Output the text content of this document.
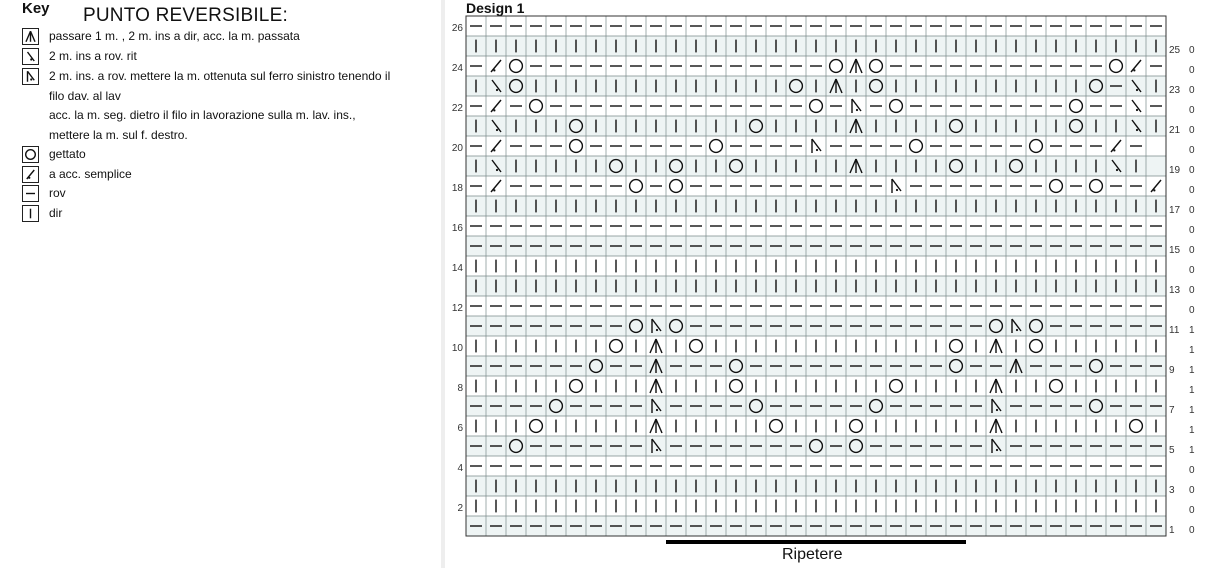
Key PUNTO REVERSIBILE:
passare 1 m. , 2 m. ins a dir, acc. la m. passata
2 m. ins a rov. rit
2 m. ins. a rov. mettere la m. ottenuta sul ferro sinistro tenendo il
filo dav. al lav
acc. la m. seg. dietro il filo in lavorazione sulla m. lav. ins.,
mettere la m. sul f. destro.
gettato
a acc. semplice
rov
dir
Design 1
26
24
22
20
18
16
14
12
10
8
6
4
2
25 0
0
23 0
0
21 0
0
19 0
0
17 0
0
15 0
0
13 0
0
11 1
1
9 1
1
7 1
1
5 1
0
3 0
0
1 0
Ripetere
